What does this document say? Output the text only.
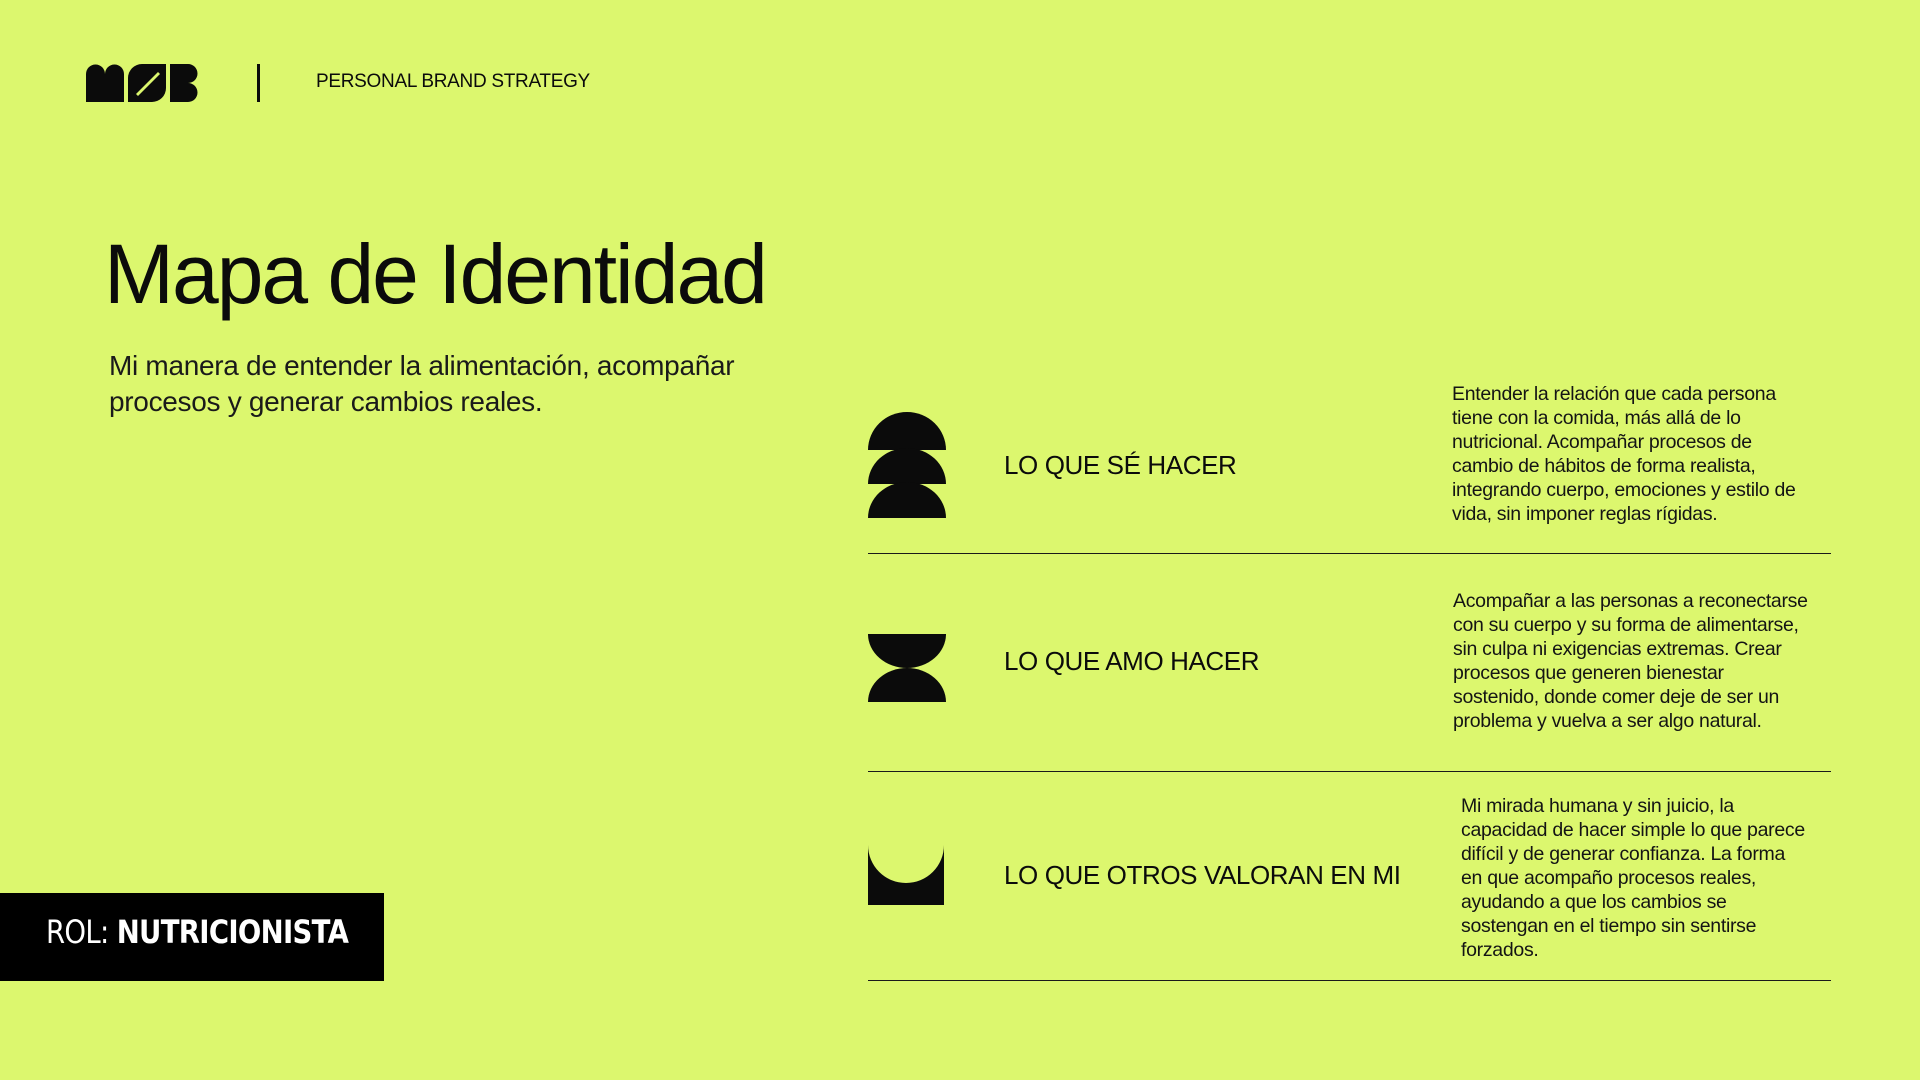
PERSONAL BRAND STRATEGY
Mapa de Identidad

Mi manera de entender la alimentación, acompañar procesos y generar cambios reales.

LO QUE SÉ HACER
Entender la relación que cada persona tiene con la comida, más allá de lo nutricional. Acompañar procesos de cambio de hábitos de forma realista, integrando cuerpo, emociones y estilo de vida, sin imponer reglas rígidas.
LO QUE AMO HACER
Acompañar a las personas a reconectarse con su cuerpo y su forma de alimentarse, sin culpa ni exigencias extremas. Crear procesos que generen bienestar sostenido, donde comer deje de ser un problema y vuelva a ser algo natural.
LO QUE OTROS VALORAN EN MI
Mi mirada humana y sin juicio, la capacidad de hacer simple lo que parece difícil y de generar confianza. La forma en que acompaño procesos reales, ayudando a que los cambios se sostengan en el tiempo sin sentirse forzados.
ROL: NUTRICIONISTA
